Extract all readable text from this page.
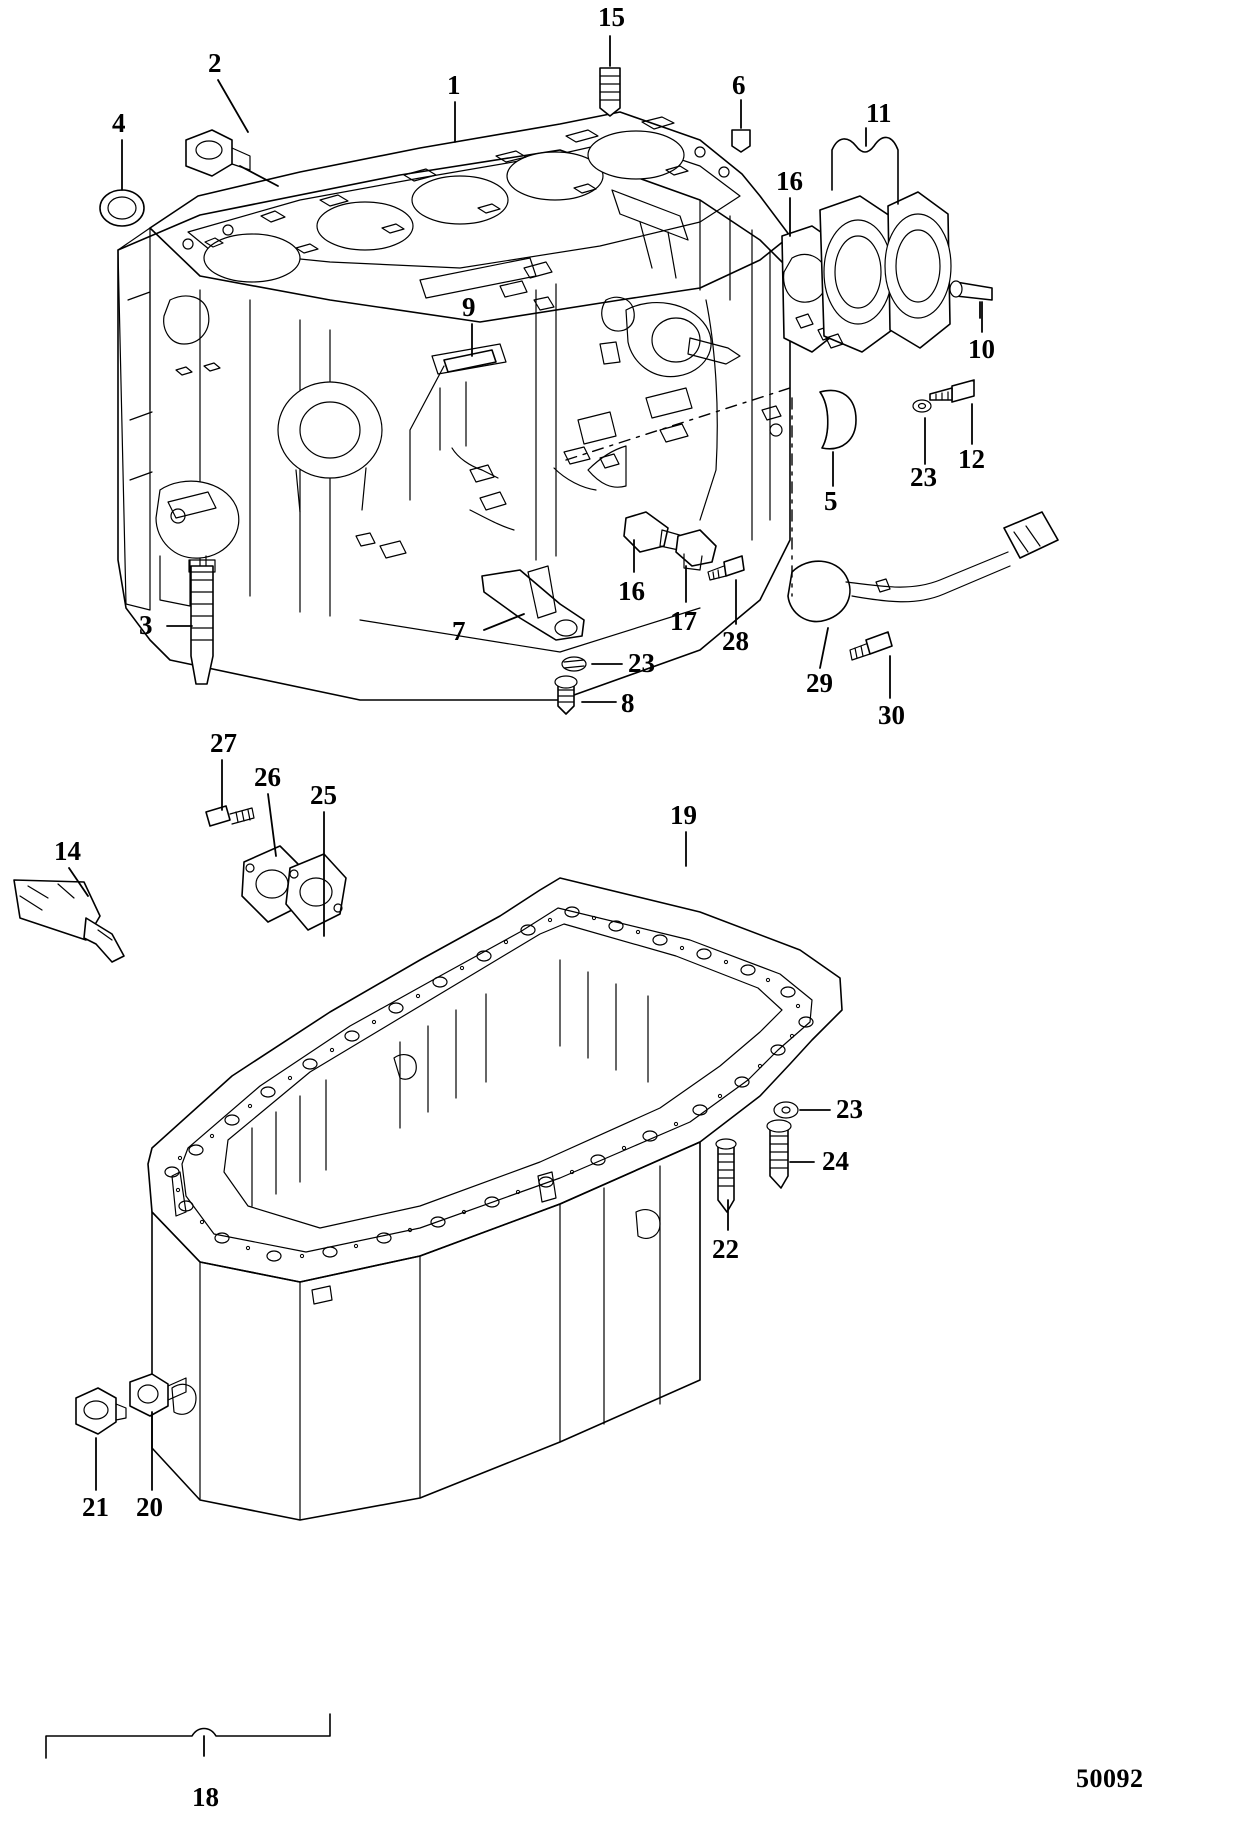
1
2
3
4
5
6
7
8
9
10
11
12
14
15
16
16
17
18
19
20
21
22
23
23
23
24
25
26
27
28
29
30
50092
